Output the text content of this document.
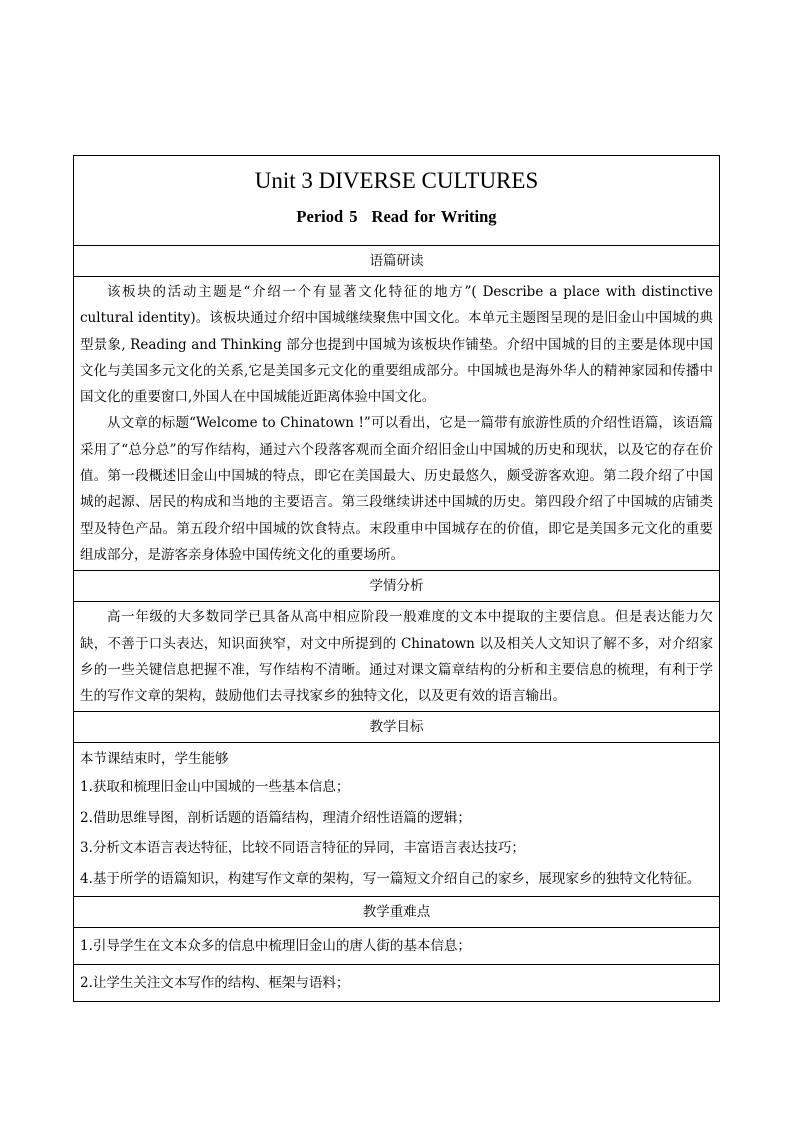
Unit 3 DIVERSE CULTURES
Period 5 Read for Writing

语篇研读

该板块的活动主题是“介绍一个有显著文化特征的地方”( Describe a place with distinctive cultural identity)。该板块通过介绍中国城继续聚焦中国文化。本单元主题图呈现的是旧金山中国城的典型景象, Reading and Thinking 部分也提到中国城为该板块作铺垫。介绍中国城的目的主要是体现中国文化与美国多元文化的关系,它是美国多元文化的重要组成部分。中国城也是海外华人的精神家园和传播中国文化的重要窗口,外国人在中国城能近距离体验中国文化。

从文章的标题“Welcome to Chinatown !”可以看出，它是一篇带有旅游性质的介绍性语篇，该语篇采用了“总分总”的写作结构，通过六个段落客观而全面介绍旧金山中国城的历史和现状，以及它的存在价值。第一段概述旧金山中国城的特点，即它在美国最大、历史最悠久，颇受游客欢迎。第二段介绍了中国城的起源、居民的构成和当地的主要语言。第三段继续讲述中国城的历史。第四段介绍了中国城的店铺类型及特色产品。第五段介绍中国城的饮食特点。末段重申中国城存在的价值，即它是美国多元文化的重要组成部分，是游客亲身体验中国传统文化的重要场所。

学情分析

高一年级的大多数同学已具备从高中相应阶段一般难度的文本中提取的主要信息。但是表达能力欠缺，不善于口头表达，知识面狭窄，对文中所提到的 Chinatown 以及相关人文知识了解不多，对介绍家乡的一些关键信息把握不准，写作结构不清晰。通过对课文篇章结构的分析和主要信息的梳理，有利于学生的写作文章的架构，鼓励他们去寻找家乡的独特文化，以及更有效的语言输出。

教学目标

本节课结束时，学生能够
1.获取和梳理旧金山中国城的一些基本信息；
2.借助思维导图，剖析话题的语篇结构，理清介绍性语篇的逻辑；
3.分析文本语言表达特征，比较不同语言特征的异同，丰富语言表达技巧；
4.基于所学的语篇知识，构建写作文章的架构，写一篇短文介绍自己的家乡，展现家乡的独特文化特征。

教学重难点

1.引导学生在文本众多的信息中梳理旧金山的唐人街的基本信息；

2.让学生关注文本写作的结构、框架与语料；
